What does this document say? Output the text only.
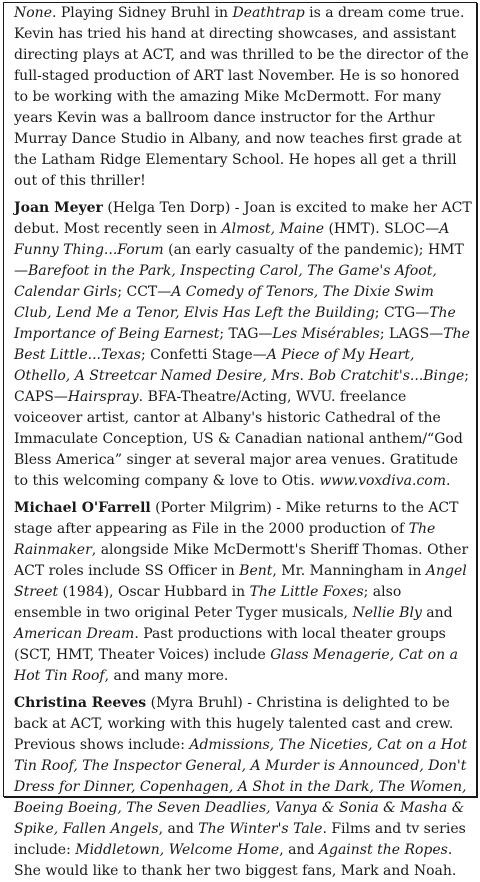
None. Playing Sidney Bruhl in Deathtrap is a dream come true. Kevin has tried his hand at directing showcases, and assistant directing plays at ACT, and was thrilled to be the director of the full-staged production of ART last November. He is so honored to be working with the amazing Mike McDermott. For many years Kevin was a ballroom dance instructor for the Arthur Murray Dance Studio in Albany, and now teaches first grade at the Latham Ridge Elementary School. He hopes all get a thrill out of this thriller!

Joan Meyer (Helga Ten Dorp) - Joan is excited to make her ACT debut. Most recently seen in Almost, Maine (HMT). SLOC—A Funny Thing...Forum (an early casualty of the pandemic); HMT—Barefoot in the Park, Inspecting Carol, The Game's Afoot, Calendar Girls; CCT—A Comedy of Tenors, The Dixie Swim Club, Lend Me a Tenor, Elvis Has Left the Building; CTG—The Importance of Being Earnest; TAG—Les Misérables; LAGS—The Best Little...Texas; Confetti Stage—A Piece of My Heart, Othello, A Streetcar Named Desire, Mrs. Bob Cratchit's...Binge; CAPS—Hairspray. BFA-Theatre/Acting, WVU. freelance voiceover artist, cantor at Albany's historic Cathedral of the Immaculate Conception, US & Canadian national anthem/“God Bless America” singer at several major area venues. Gratitude to this welcoming company & love to Otis. www.voxdiva.com.

Michael O'Farrell (Porter Milgrim) - Mike returns to the ACT stage after appearing as File in the 2000 production of The Rainmaker, alongside Mike McDermott's Sheriff Thomas. Other ACT roles include SS Officer in Bent, Mr. Manningham in Angel Street (1984), Oscar Hubbard in The Little Foxes; also ensemble in two original Peter Tyger musicals, Nellie Bly and American Dream. Past productions with local theater groups (SCT, HMT, Theater Voices) include Glass Menagerie, Cat on a Hot Tin Roof, and many more.

Christina Reeves (Myra Bruhl) - Christina is delighted to be back at ACT, working with this hugely talented cast and crew. Previous shows include: Admissions, The Niceties, Cat on a Hot Tin Roof, The Inspector General, A Murder is Announced, Don't Dress for Dinner, Copenhagen, A Shot in the Dark, The Women, Boeing Boeing, The Seven Deadlies, Vanya & Sonia & Masha & Spike, Fallen Angels, and The Winter's Tale. Films and tv series include: Middletown, Welcome Home, and Against the Ropes. She would like to thank her two biggest fans, Mark and Noah.
